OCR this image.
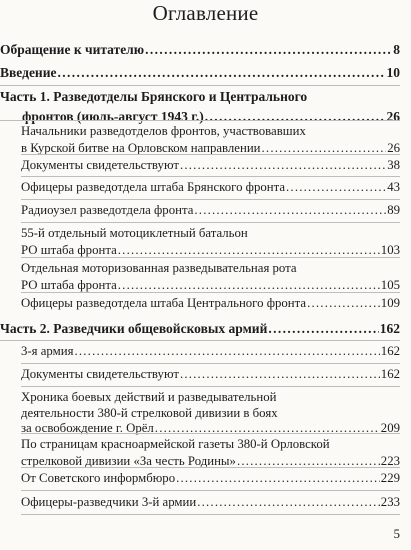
Оглавление
Обращение к читателю . . .	8
Введение . . .	10
Часть 1. Разведотделы Брянского и Центрального
фронтов (июль-август 1943 г.) . . .	26
Начальники разведотделов фронтов, участвовавших
в Курской битве на Орловском направлении . . .	26
Документы свидетельствуют . . .	38
Офицеры разведотдела штаба Брянского фронта . . .	43
Радиоузел разведотдела фронта . . .	89
55-й отдельный мотоциклетный батальон
РО штаба фронта . . .	103
Отдельная моторизованная разведывательная рота
РО штаба фронта . . .	105
Офицеры разведотдела штаба Центрального фронта . . .	109
Часть 2. Разведчики общевойсковых армий . . .	162
3-я армия . . .	162
Документы свидетельствуют . . .	162
Хроника боевых действий и разведывательной
деятельности 380-й стрелковой дивизии в боях
за освобождение г. Орёл . . .	209
По страницам красноармейской газеты 380-й Орловской
стрелковой дивизии «За честь Родины» . . .	223
От Советского информбюро . . .	229
Офицеры-разведчики 3-й армии . . .	233
5
